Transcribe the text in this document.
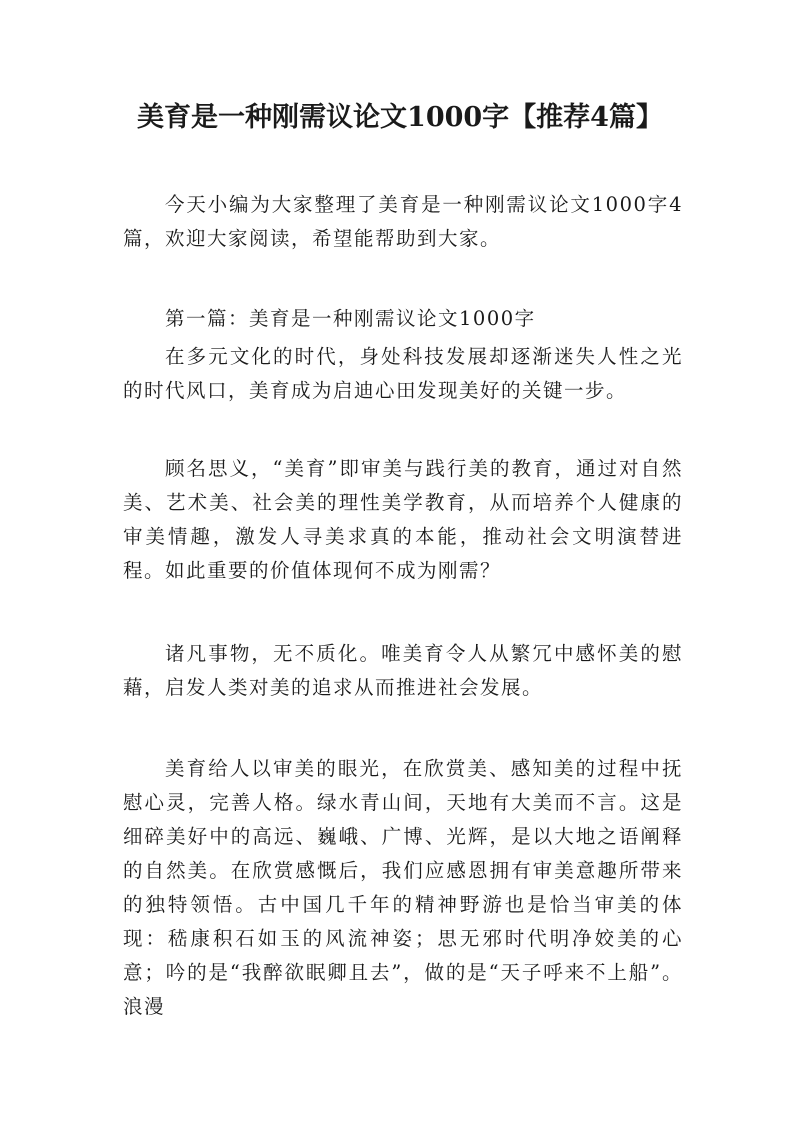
美育是一种刚需议论文1000字【推荐4篇】

今天小编为大家整理了美育是一种刚需议论文1000字4篇，欢迎大家阅读，希望能帮助到大家。

第一篇：美育是一种刚需议论文1000字

在多元文化的时代，身处科技发展却逐渐迷失人性之光的时代风口，美育成为启迪心田发现美好的关键一步。

顾名思义，“美育”即审美与践行美的教育，通过对自然美、艺术美、社会美的理性美学教育，从而培养个人健康的审美情趣，激发人寻美求真的本能，推动社会文明演替进程。如此重要的价值体现何不成为刚需？

诸凡事物，无不质化。唯美育令人从繁冗中感怀美的慰藉，启发人类对美的追求从而推进社会发展。

美育给人以审美的眼光，在欣赏美、感知美的过程中抚慰心灵，完善人格。绿水青山间，天地有大美而不言。这是细碎美好中的高远、巍峨、广博、光辉，是以大地之语阐释的自然美。在欣赏感慨后，我们应感恩拥有审美意趣所带来的独特领悟。古中国几千年的精神野游也是恰当审美的体现：嵇康积石如玉的风流神姿；思无邪时代明净姣美的心意；吟的是“我醉欲眠卿且去”，做的是“天子呼来不上船”。浪漫
